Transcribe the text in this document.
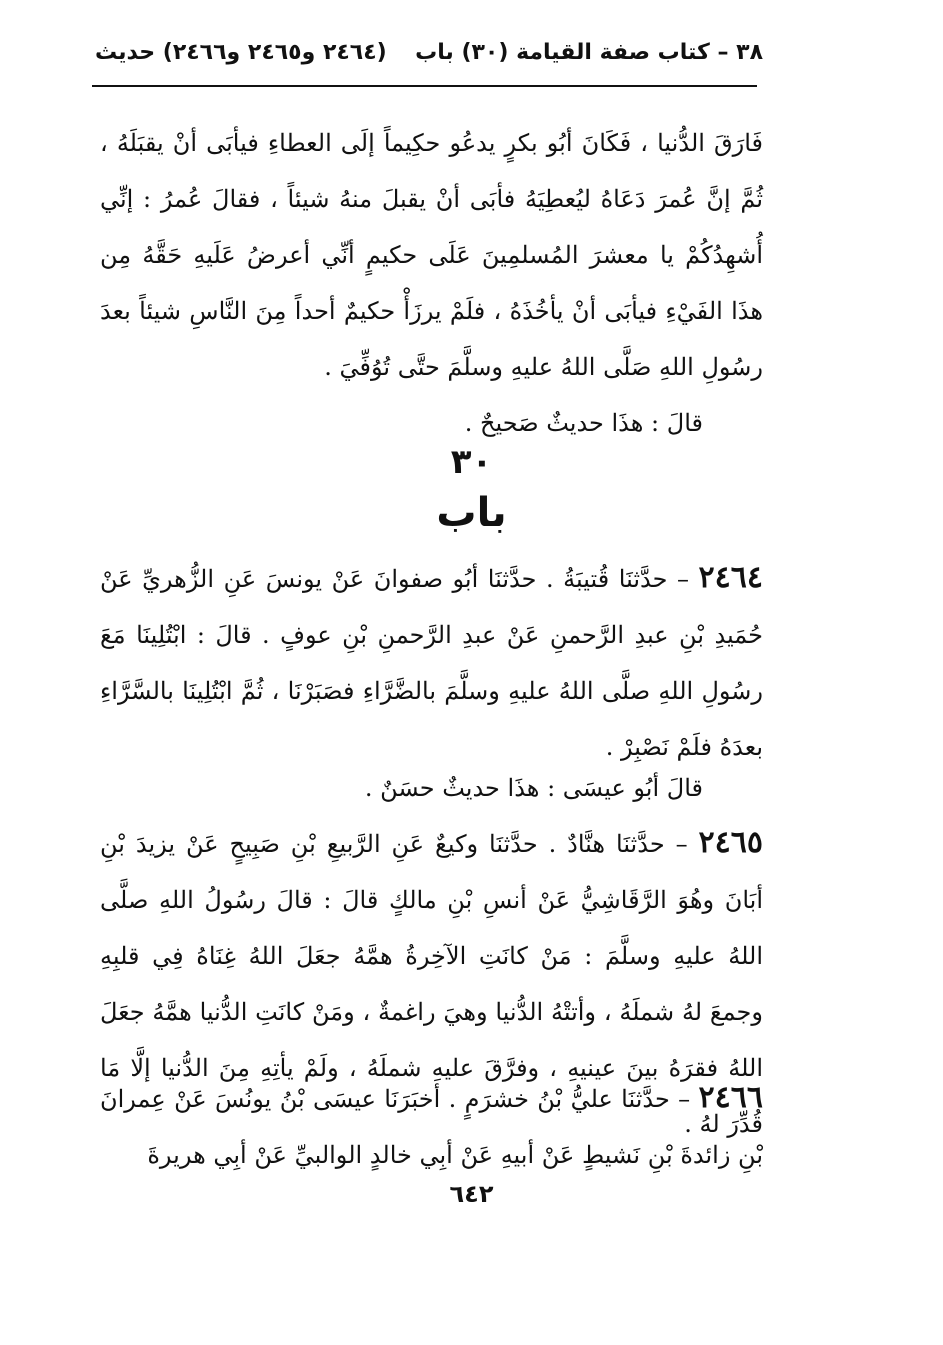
٣٨ – كتاب صفة القيامة (٣٠) باب
(٢٤٦٤ و٢٤٦٥ و٢٤٦٦) حديث
فَارَقَ الدُّنيا ، فَكَانَ أبُو بكرٍ يدعُو حكِيماً إلَى العطاءِ فيأبَى أنْ يقبَلَهُ ، ثُمَّ إنَّ عُمرَ دَعَاهُ ليُعطِيَهُ فأبَى أنْ يقبلَ منهُ شيئاً ، فقالَ عُمرُ : إنِّي أُشهِدُكُمْ يا معشرَ المُسلمِينَ عَلَى حكيمٍ أنِّي أعرضُ عَلَيهِ حَقَّهُ مِن هذَا الفَيْءِ فيأبَى أنْ يأخُذَهُ ، فلَمْ يرزَأْ حكيمٌ أحداً مِنَ النَّاسِ شيئاً بعدَ رسُولِ اللهِ صَلَّى اللهُ عليهِ وسلَّمَ حتَّى تُوُفِّيَ .
قالَ : هذَا حديثٌ صَحيحٌ .
٣٠
باب
٢٤٦٤ – حدَّثنَا قُتيبَةُ . حدَّثنَا أبُو صفوانَ عَنْ يونسَ عَنِ الزُّهريِّ عَنْ حُمَيدِ بْنِ عبدِ الرَّحمنِ عَنْ عبدِ الرَّحمنِ بْنِ عوفٍ . قالَ : ابْتُلِينَا مَعَ رسُولِ اللهِ صلَّى اللهُ عليهِ وسلَّمَ بالضَّرَّاءِ فصَبَرْنَا ، ثُمَّ ابْتُلِينَا بالسَّرَّاءِ بعدَهُ فلَمْ نَصْبِرْ .
قالَ أبُو عيسَى : هذَا حديثٌ حسَنٌ .
٢٤٦٥ – حدَّثنَا هنَّادٌ . حدَّثنَا وكيعٌ عَنِ الرَّبيعِ بْنِ صَبِيحٍ عَنْ يزيدَ بْنِ أبَانَ وهُوَ الرَّقَاشِيُّ عَنْ أنسِ بْنِ مالكٍ قالَ : قالَ رسُولُ اللهِ صلَّى اللهُ عليهِ وسلَّمَ : مَنْ كانَتِ الآخِرةُ همَّهُ جعَلَ اللهُ غِنَاهُ فِي قلبِهِ وجمعَ لهُ شملَهُ ، وأتتْهُ الدُّنيا وهيَ راغمةٌ ، ومَنْ كانَتِ الدُّنيا همَّهُ جعَلَ اللهُ فقرَهُ بينَ عينيهِ ، وفرَّقَ عليهِ شملَهُ ، ولَمْ يأتِهِ مِنَ الدُّنيا إلَّا مَا قُدِّرَ لهُ .
٢٤٦٦ – حدَّثنَا عليُّ بْنُ خشرَمٍ . أخبَرَنَا عيسَى بْنُ يونُسَ عَنْ عِمرانَ بْنِ زائدةَ بْنِ نَشيطٍ عَنْ أبيهِ عَنْ أبِي خالدٍ الوالبيِّ عَنْ أبِي هريرةَ
٦٤٢
